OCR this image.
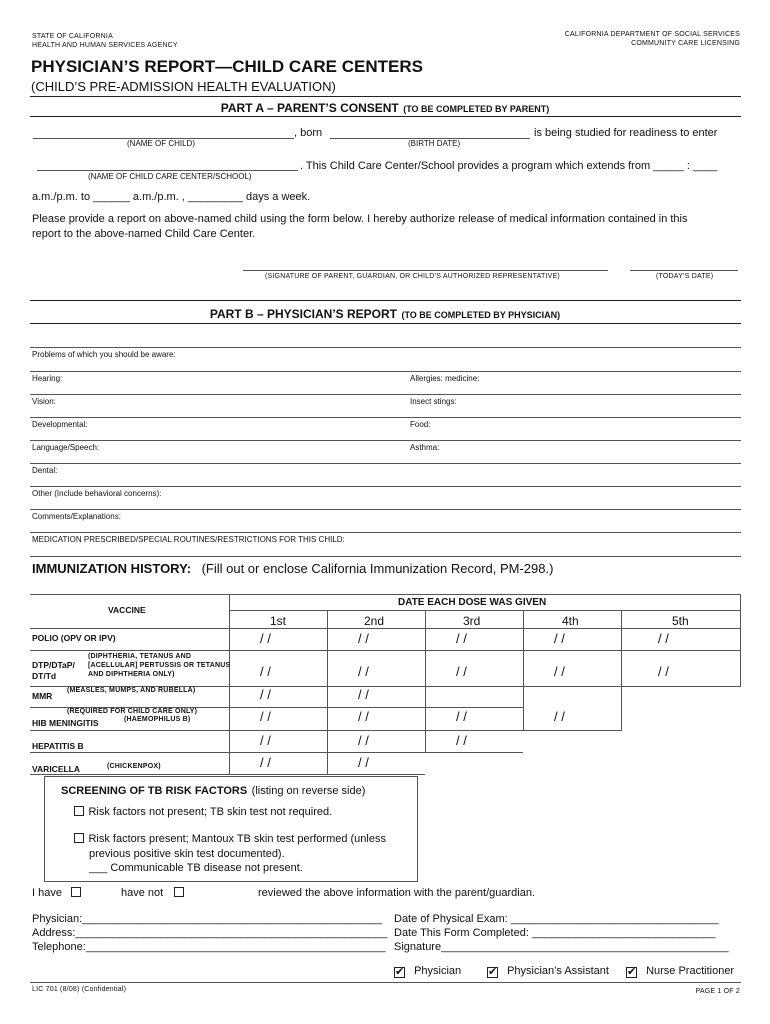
STATE OF CALIFORNIA
HEALTH AND HUMAN SERVICES AGENCY
CALIFORNIA DEPARTMENT OF SOCIAL SERVICES
COMMUNITY CARE LICENSING
PHYSICIAN’S REPORT—CHILD CARE CENTERS
(CHILD’S PRE-ADMISSION HEALTH EVALUATION)
PART A – PARENT’S CONSENT (TO BE COMPLETED BY PARENT)
, born	is being studied for readiness to enter
(NAME OF CHILD)	(BIRTH DATE)
. This Child Care Center/School provides a program which extends from _____ : ____
(NAME OF CHILD CARE CENTER/SCHOOL)
a.m./p.m. to ______ a.m./p.m. , _________ days a week.
Please provide a report on above-named child using the form below. I hereby authorize release of medical information contained in this
report to the above-named Child Care Center.
(SIGNATURE OF PARENT, GUARDIAN, OR CHILD’S AUTHORIZED REPRESENTATIVE)	(TODAY’S DATE)
PART B – PHYSICIAN’S REPORT (TO BE COMPLETED BY PHYSICIAN)
Problems of which you should be aware:
Hearing:	Allergies: medicine:
Vision:	Insect stings:
Developmental:	Food:
Language/Speech:	Asthma:
Dental:
Other (Include behavioral concerns):
Comments/Explanations:
MEDICATION PRESCRIBED/SPECIAL ROUTINES/RESTRICTIONS FOR THIS CHILD:
IMMUNIZATION HISTORY: (Fill out or enclose California Immunization Record, PM-298.)
VACCINE
DATE EACH DOSE WAS GIVEN
1st	2nd	3rd	4th	5th
POLIO (OPV OR IPV)	/ /	/ /	/ /	/ /	/ /
DTP/DTaP/
DT/Td
(DIPHTHERIA, TETANUS AND
[ACELLULAR] PERTUSSIS OR TETANUS
AND DIPHTHERIA ONLY)	/ /	/ /	/ /	/ /	/ /
MMR
(MEASLES, MUMPS, AND RUBELLA)	/ /	/ /
(REQUIRED FOR CHILD CARE ONLY)
HIB MENINGITIS	(HAEMOPHILUS B)	/ /	/ /	/ /	/ /
HEPATITIS B	/ /	/ /	/ /
VARICELLA	(CHICKENPOX)	/ /	/ /
SCREENING OF TB RISK FACTORS (listing on reverse side)
Risk factors not present; TB skin test not required.
Risk factors present; Mantoux TB skin test performed (unless
previous positive skin test documented).
___ Communicable TB disease not present.
I have	have not	reviewed the above information with the parent/guardian.
Physician:_________________________________________________
Address:___________________________________________________
Telephone:_________________________________________________
Date of Physical Exam: __________________________________
Date This Form Completed: ______________________________
Signature_______________________________________________
✔ Physician ✔ Physician’s Assistant ✔ Nurse Practitioner
LIC 701 (8/08) (Confidential)	PAGE 1 OF 2
